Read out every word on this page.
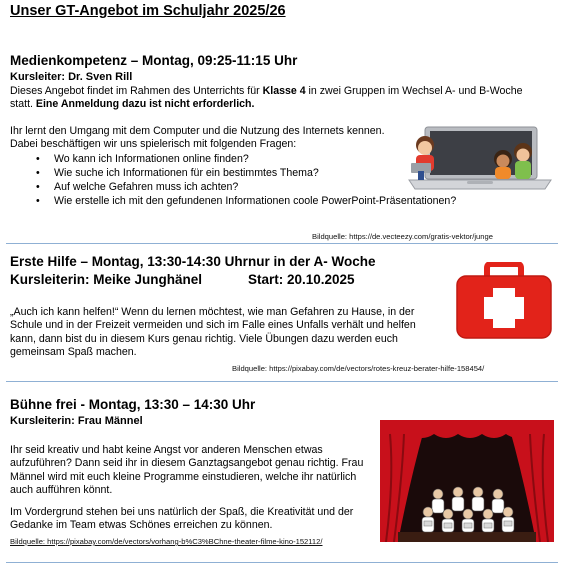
Unser GT-Angebot im Schuljahr 2025/26
Medienkompetenz – Montag, 09:25-11:15 Uhr
Kursleiter: Dr. Sven Rill
Dieses Angebot findet im Rahmen des Unterrichts für Klasse 4 in zwei Gruppen im Wechsel A- und B-Woche statt. Eine Anmeldung dazu ist nicht erforderlich.
Ihr lernt den Umgang mit dem Computer und die Nutzung des Internets kennen. Dabei beschäftigen wir uns spielerisch mit folgenden Fragen:
• Wo kann ich Informationen online finden?
• Wie suche ich Informationen für ein bestimmtes Thema?
• Auf welche Gefahren muss ich achten?
• Wie erstelle ich mit den gefundenen Informationen coole PowerPoint-Präsentationen?
Bildquelle: https://de.vecteezy.com/gratis-vektor/junge
Erste Hilfe – Montag, 13:30-14:30 Uhr nur in der A- Woche
Kursleiterin: Meike Junghänel	Start: 20.10.2025
„Auch ich kann helfen!“ Wenn du lernen möchtest, wie man Gefahren zu Hause, in der Schule und in der Freizeit vermeiden und sich im Falle eines Unfalls verhält und helfen kann, dann bist du in diesem Kurs genau richtig. Viele Übungen dazu werden euch gemeinsam Spaß machen.
Bildquelle: https://pixabay.com/de/vectors/rotes-kreuz-berater-hilfe-158454/
Bühne frei - Montag, 13:30 – 14:30 Uhr
Kursleiterin: Frau Männel
Ihr seid kreativ und habt keine Angst vor anderen Menschen etwas aufzuführen? Dann seid ihr in diesem Ganztagsangebot genau richtig. Frau Männel wird mit euch kleine Programme einstudieren, welche ihr natürlich auch aufführen könnt.
Im Vordergrund stehen bei uns natürlich der Spaß, die Kreativität und der Gedanke im Team etwas Schönes erreichen zu können.
Bildquelle: https://pixabay.com/de/vectors/vorhang-b%C3%BChne-theater-filme-kino-152112/
